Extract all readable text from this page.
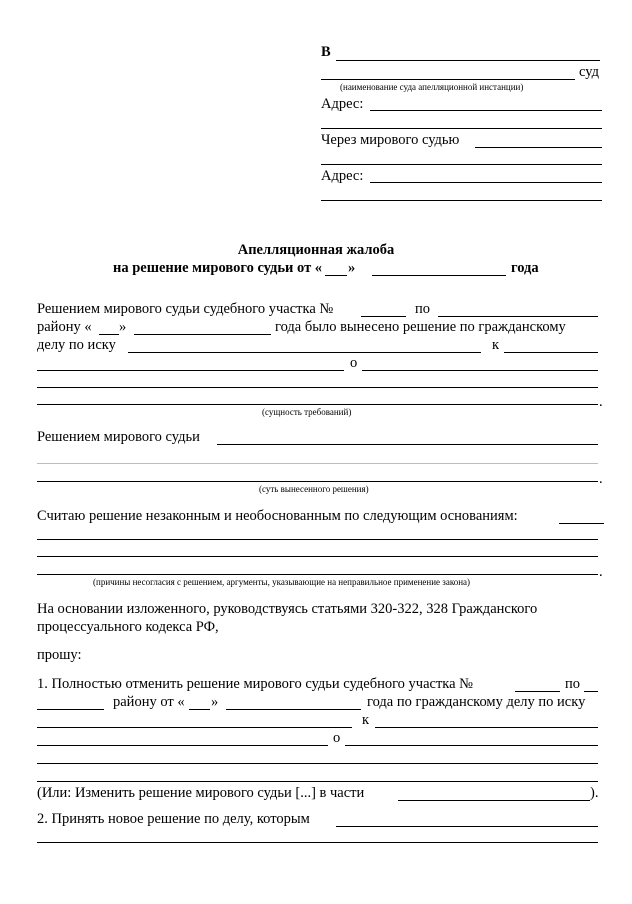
В
суд
(наименование суда апелляционной инстанции)
Адрес:
Через мирового судью
Адрес:
Апелляционная жалоба
на решение мирового судьи от « »	года
Решением мирового судьи судебного участка №	по
району « »	года было вынесено решение по гражданскому
делу по иску	к
о
.
(сущность требований)
Решением мирового судьи
.
(суть вынесенного решения)
Считаю решение незаконным и необоснованным по следующим основаниям:
.
(причины несогласия с решением, аргументы, указывающие на неправильное применение закона)
На основании изложенного, руководствуясь статьями 320-322, 328 Гражданского
процессуального кодекса РФ,
прошу:
1. Полностью отменить решение мирового судьи судебного участка №	по
району от « »	года по гражданскому делу по иску
к
о
(Или: Изменить решение мирового судьи [...] в части	).
2. Принять новое решение по делу, которым
